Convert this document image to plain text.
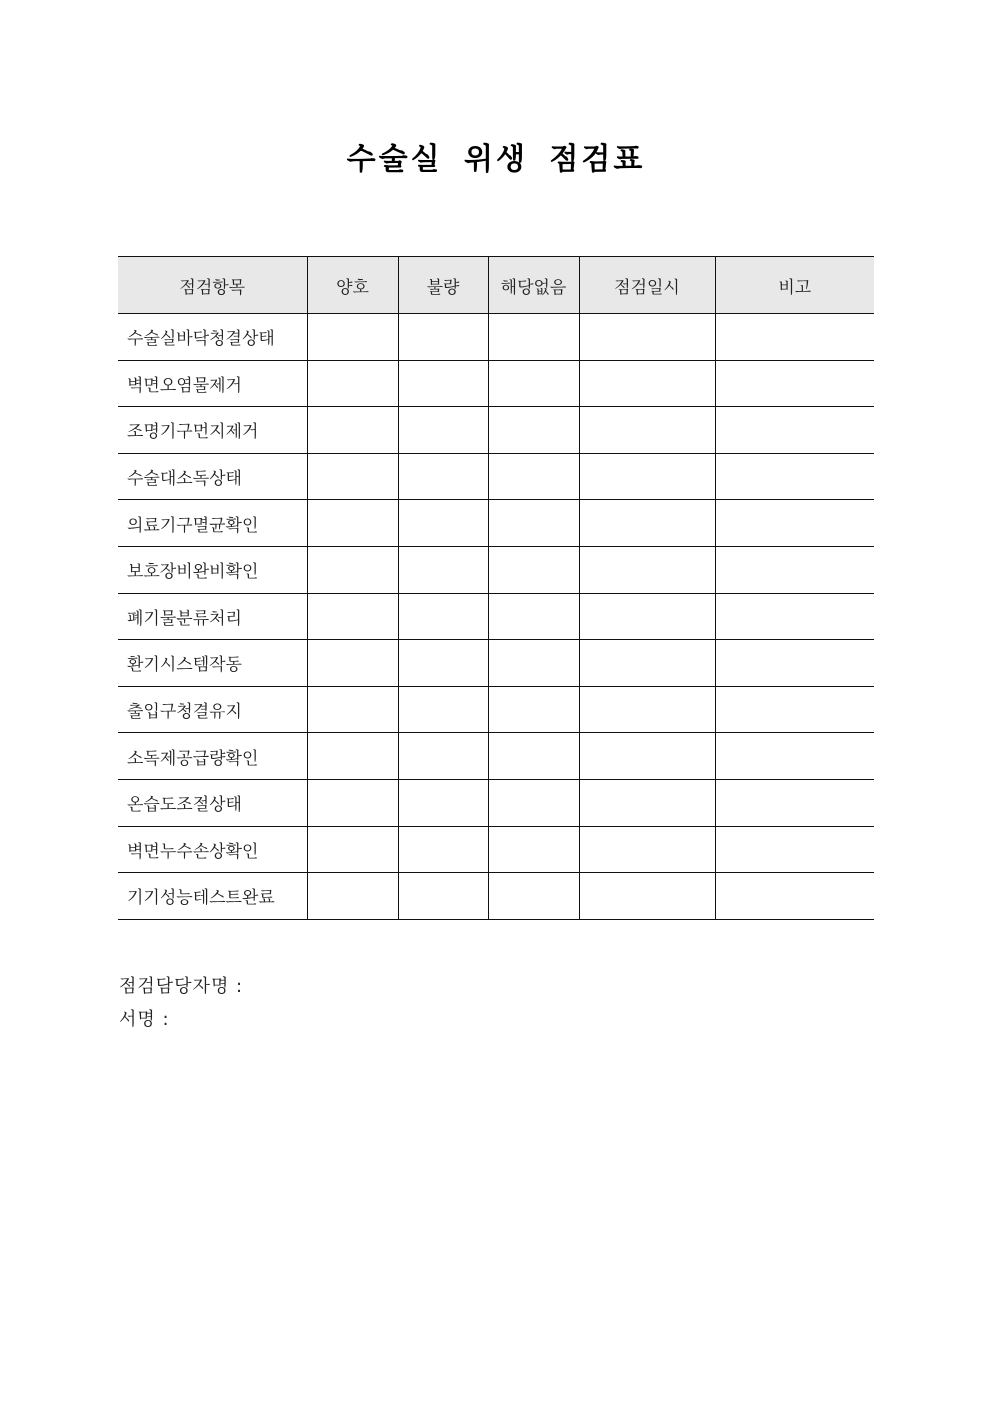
수술실 위생 점검표
점검항목	양호	불량	해당없음	점검일시	비고
수술실바닥청결상태					
벽면오염물제거					
조명기구먼지제거					
수술대소독상태					
의료기구멸균확인					
보호장비완비확인					
폐기물분류처리					
환기시스템작동					
출입구청결유지					
소독제공급량확인					
온습도조절상태					
벽면누수손상확인					
기기성능테스트완료					
점검담당자명 :
서명 :
